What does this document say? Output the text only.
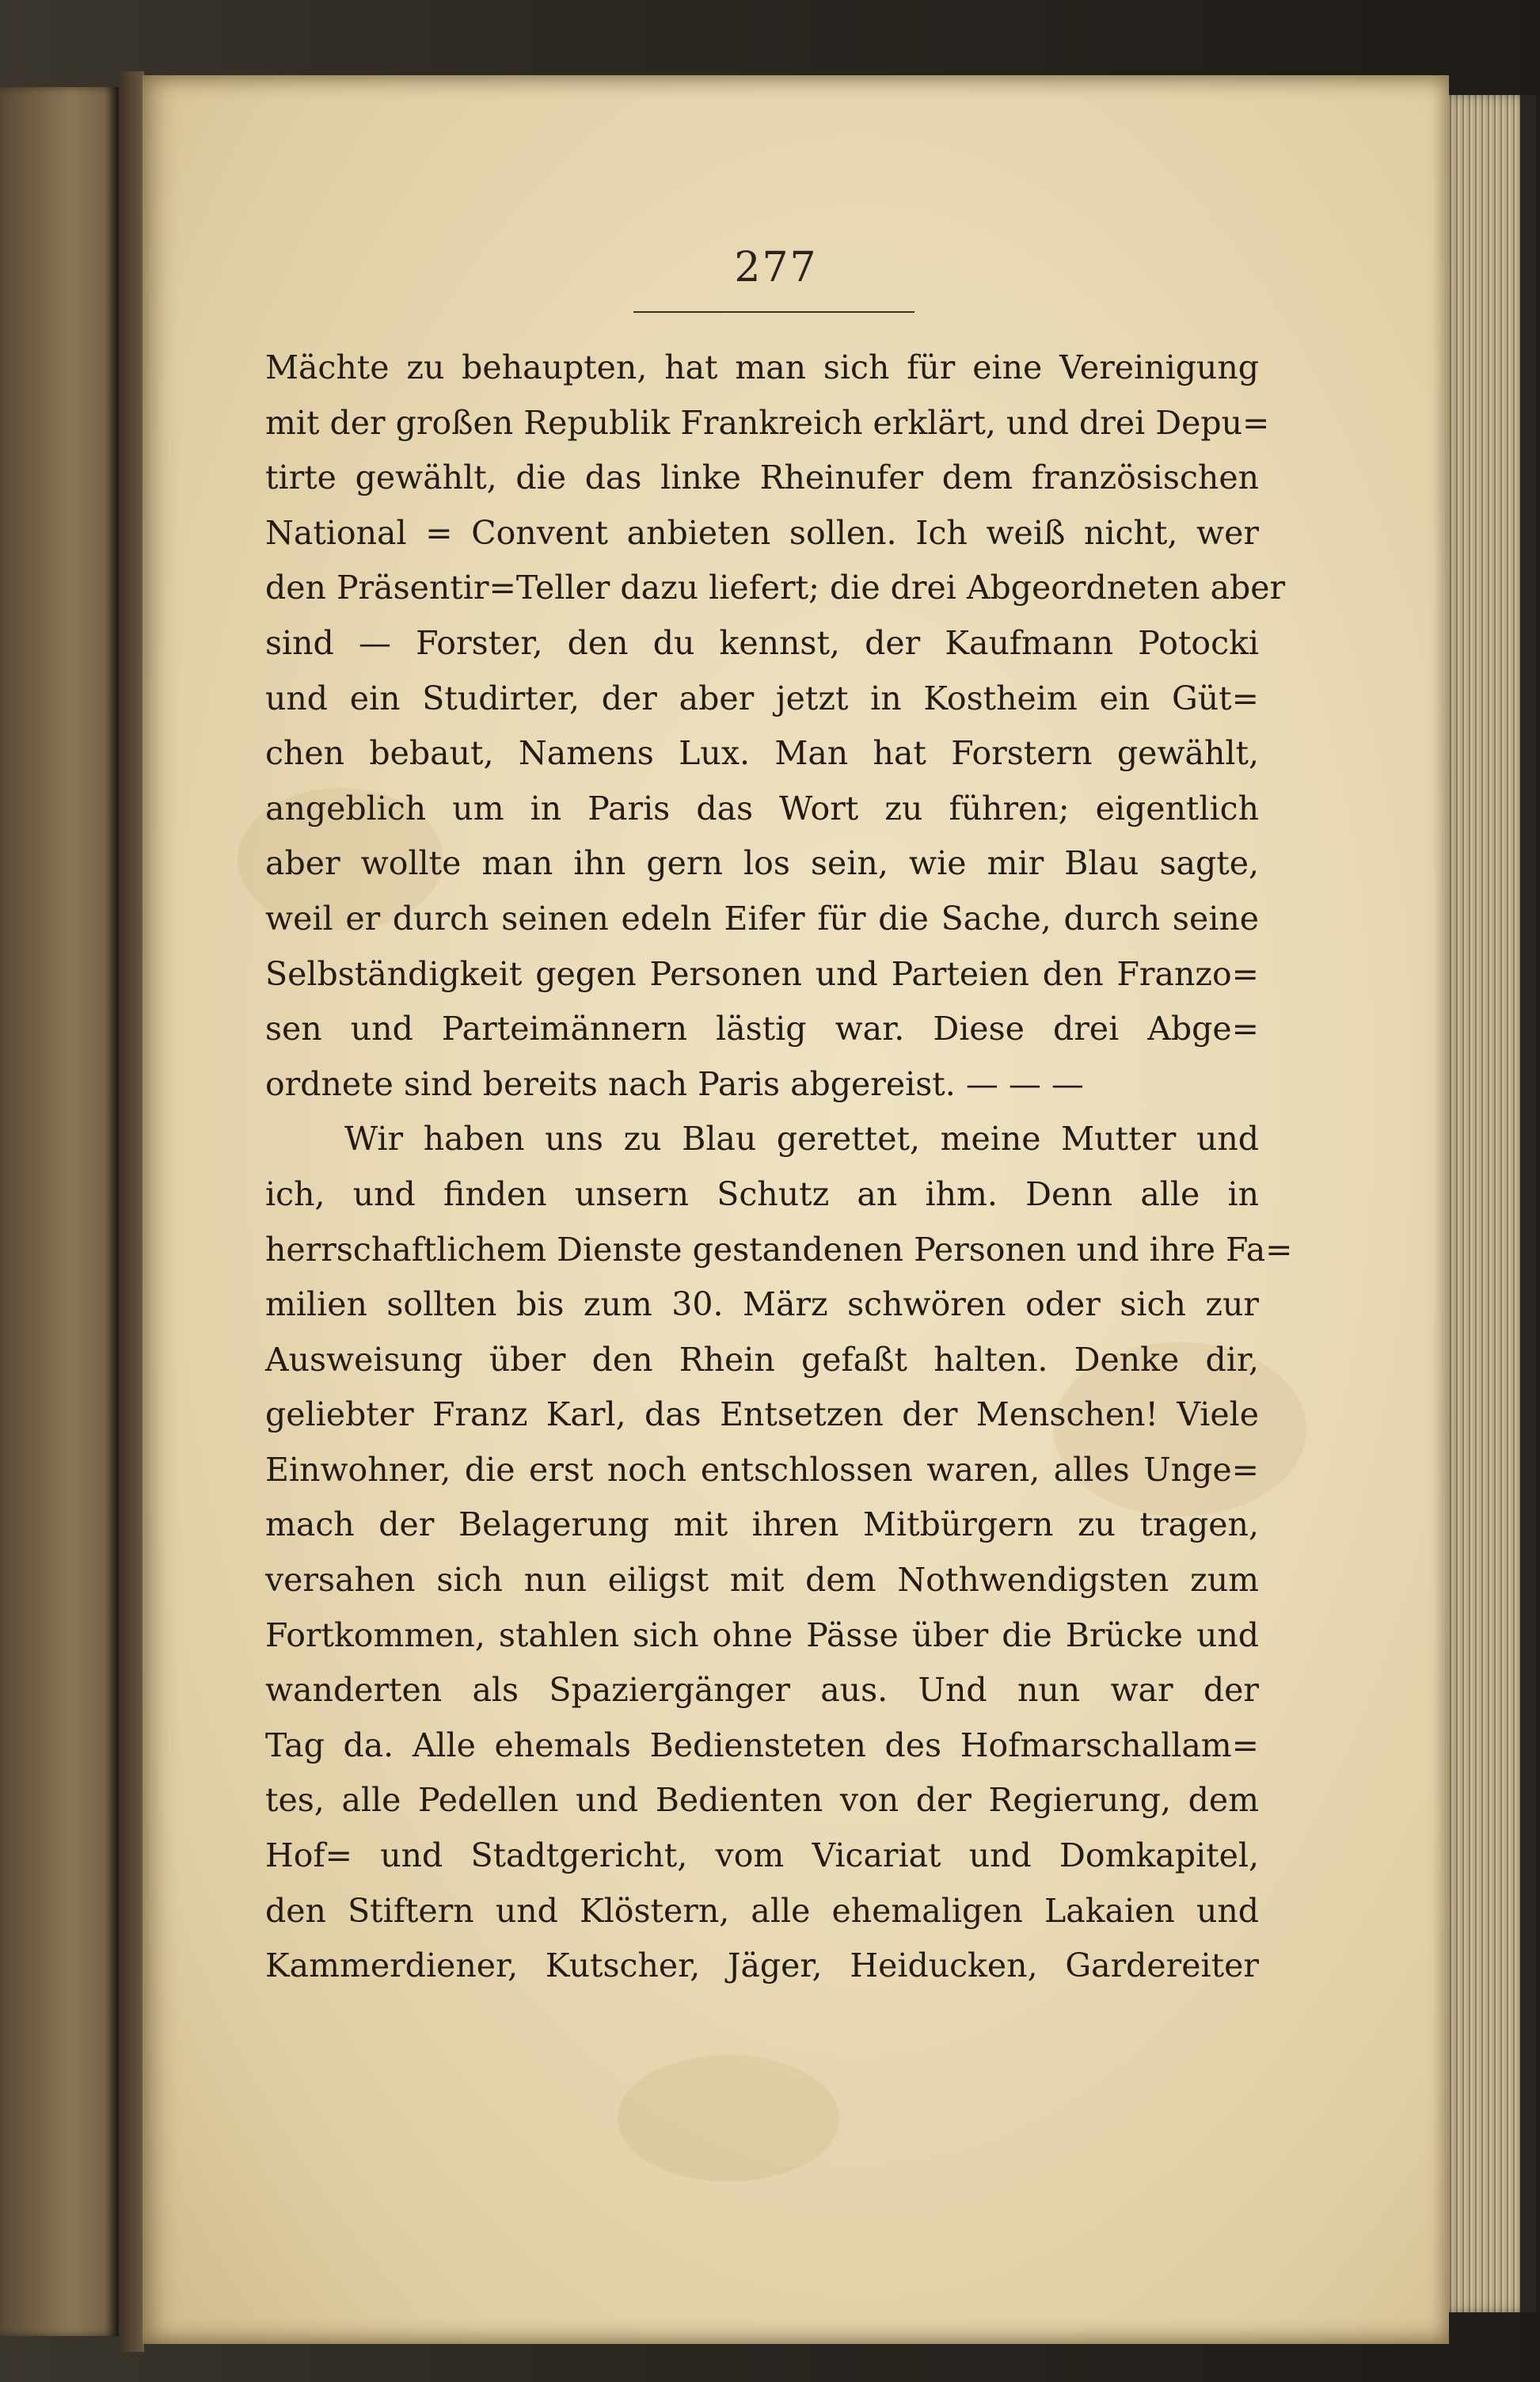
277
Mächte zu behaupten, hat man sich für eine Vereinigung
mit der großen Republik Frankreich erklärt, und drei Depu=
tirte gewählt, die das linke Rheinufer dem französischen
National = Convent anbieten sollen. Ich weiß nicht, wer
den Präsentir=Teller dazu liefert; die drei Abgeordneten aber
sind — Forster, den du kennst, der Kaufmann Potocki
und ein Studirter, der aber jetzt in Kostheim ein Güt=
chen bebaut, Namens Lux. Man hat Forstern gewählt,
angeblich um in Paris das Wort zu führen; eigentlich
aber wollte man ihn gern los sein, wie mir Blau sagte,
weil er durch seinen edeln Eifer für die Sache, durch seine
Selbständigkeit gegen Personen und Parteien den Franzo=
sen und Parteimännern lästig war. Diese drei Abge=
ordnete sind bereits nach Paris abgereist. — — —
Wir haben uns zu Blau gerettet, meine Mutter und
ich, und finden unsern Schutz an ihm. Denn alle in
herrschaftlichem Dienste gestandenen Personen und ihre Fa=
milien sollten bis zum 30. März schwören oder sich zur
Ausweisung über den Rhein gefaßt halten. Denke dir,
geliebter Franz Karl, das Entsetzen der Menschen! Viele
Einwohner, die erst noch entschlossen waren, alles Unge=
mach der Belagerung mit ihren Mitbürgern zu tragen,
versahen sich nun eiligst mit dem Nothwendigsten zum
Fortkommen, stahlen sich ohne Pässe über die Brücke und
wanderten als Spaziergänger aus. Und nun war der
Tag da. Alle ehemals Bediensteten des Hofmarschallam=
tes, alle Pedellen und Bedienten von der Regierung, dem
Hof= und Stadtgericht, vom Vicariat und Domkapitel,
den Stiftern und Klöstern, alle ehemaligen Lakaien und
Kammerdiener, Kutscher, Jäger, Heiducken, Gardereiter
